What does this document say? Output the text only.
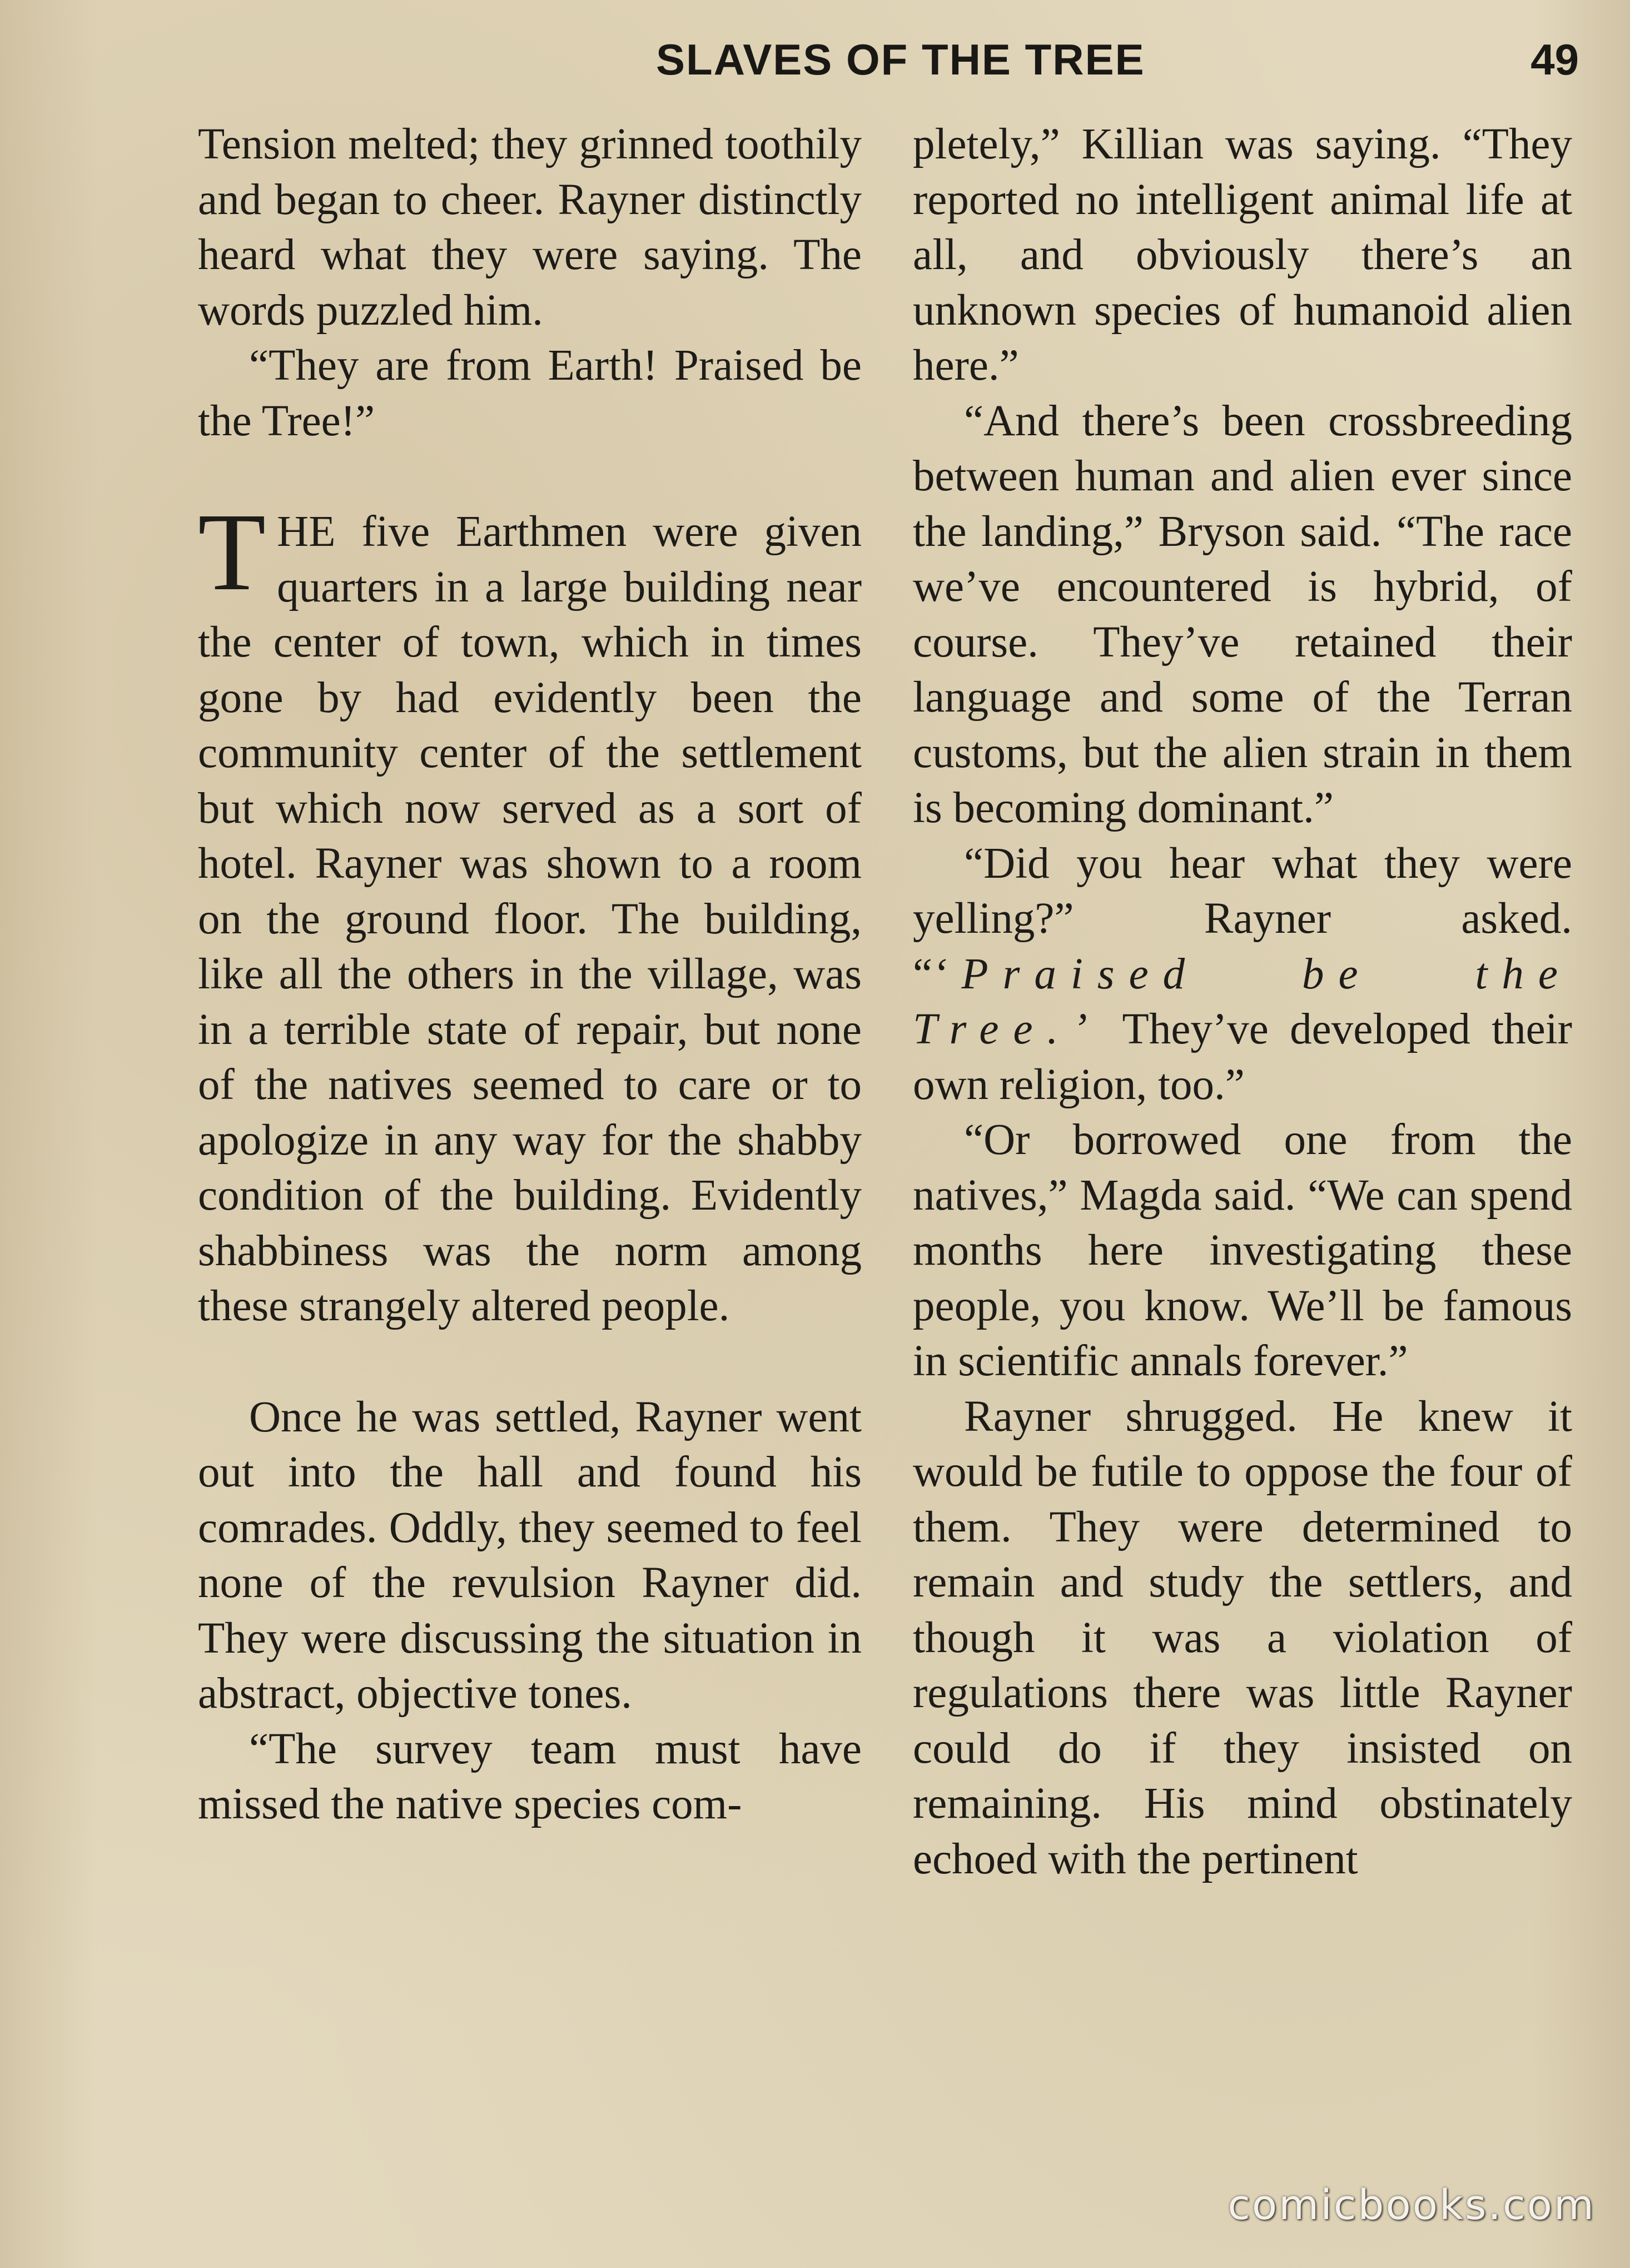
SLAVES OF THE TREE	49

Tension melted; they grinned toothily and began to cheer. Rayner distinctly heard what they were saying. The words puzzled him.

“They are from Earth! Praised be the Tree!”

THE five Earthmen were given quarters in a large building near the center of town, which in times gone by had evidently been the community center of the settlement but which now served as a sort of hotel. Rayner was shown to a room on the ground floor. The building, like all the others in the village, was in a terrible state of repair, but none of the natives seemed to care or to apologize in any way for the shabby condition of the building. Evidently shabbiness was the norm among these strangely altered people.

Once he was settled, Rayner went out into the hall and found his comrades. Oddly, they seemed to feel none of the revulsion Rayner did. They were discussing the situation in abstract, objective tones.

“The survey team must have missed the native species com-

pletely,” Killian was saying. “They reported no intelligent animal life at all, and obviously there’s an unknown species of humanoid alien here.”

“And there’s been crossbreeding between human and alien ever since the landing,” Bryson said. “The race we’ve encountered is hybrid, of course. They’ve retained their language and some of the Terran customs, but the alien strain in them is becoming dominant.”

“Did you hear what they were yelling?” Rayner asked. “‘Praised be the Tree.’ They’ve developed their own religion, too.”

“Or borrowed one from the natives,” Magda said. “We can spend months here investigating these people, you know. We’ll be famous in scientific annals forever.”

Rayner shrugged. He knew it would be futile to oppose the four of them. They were determined to remain and study the settlers, and though it was a violation of regulations there was little Rayner could do if they insisted on remaining. His mind obstinately echoed with the pertinent

comicbooks.com
